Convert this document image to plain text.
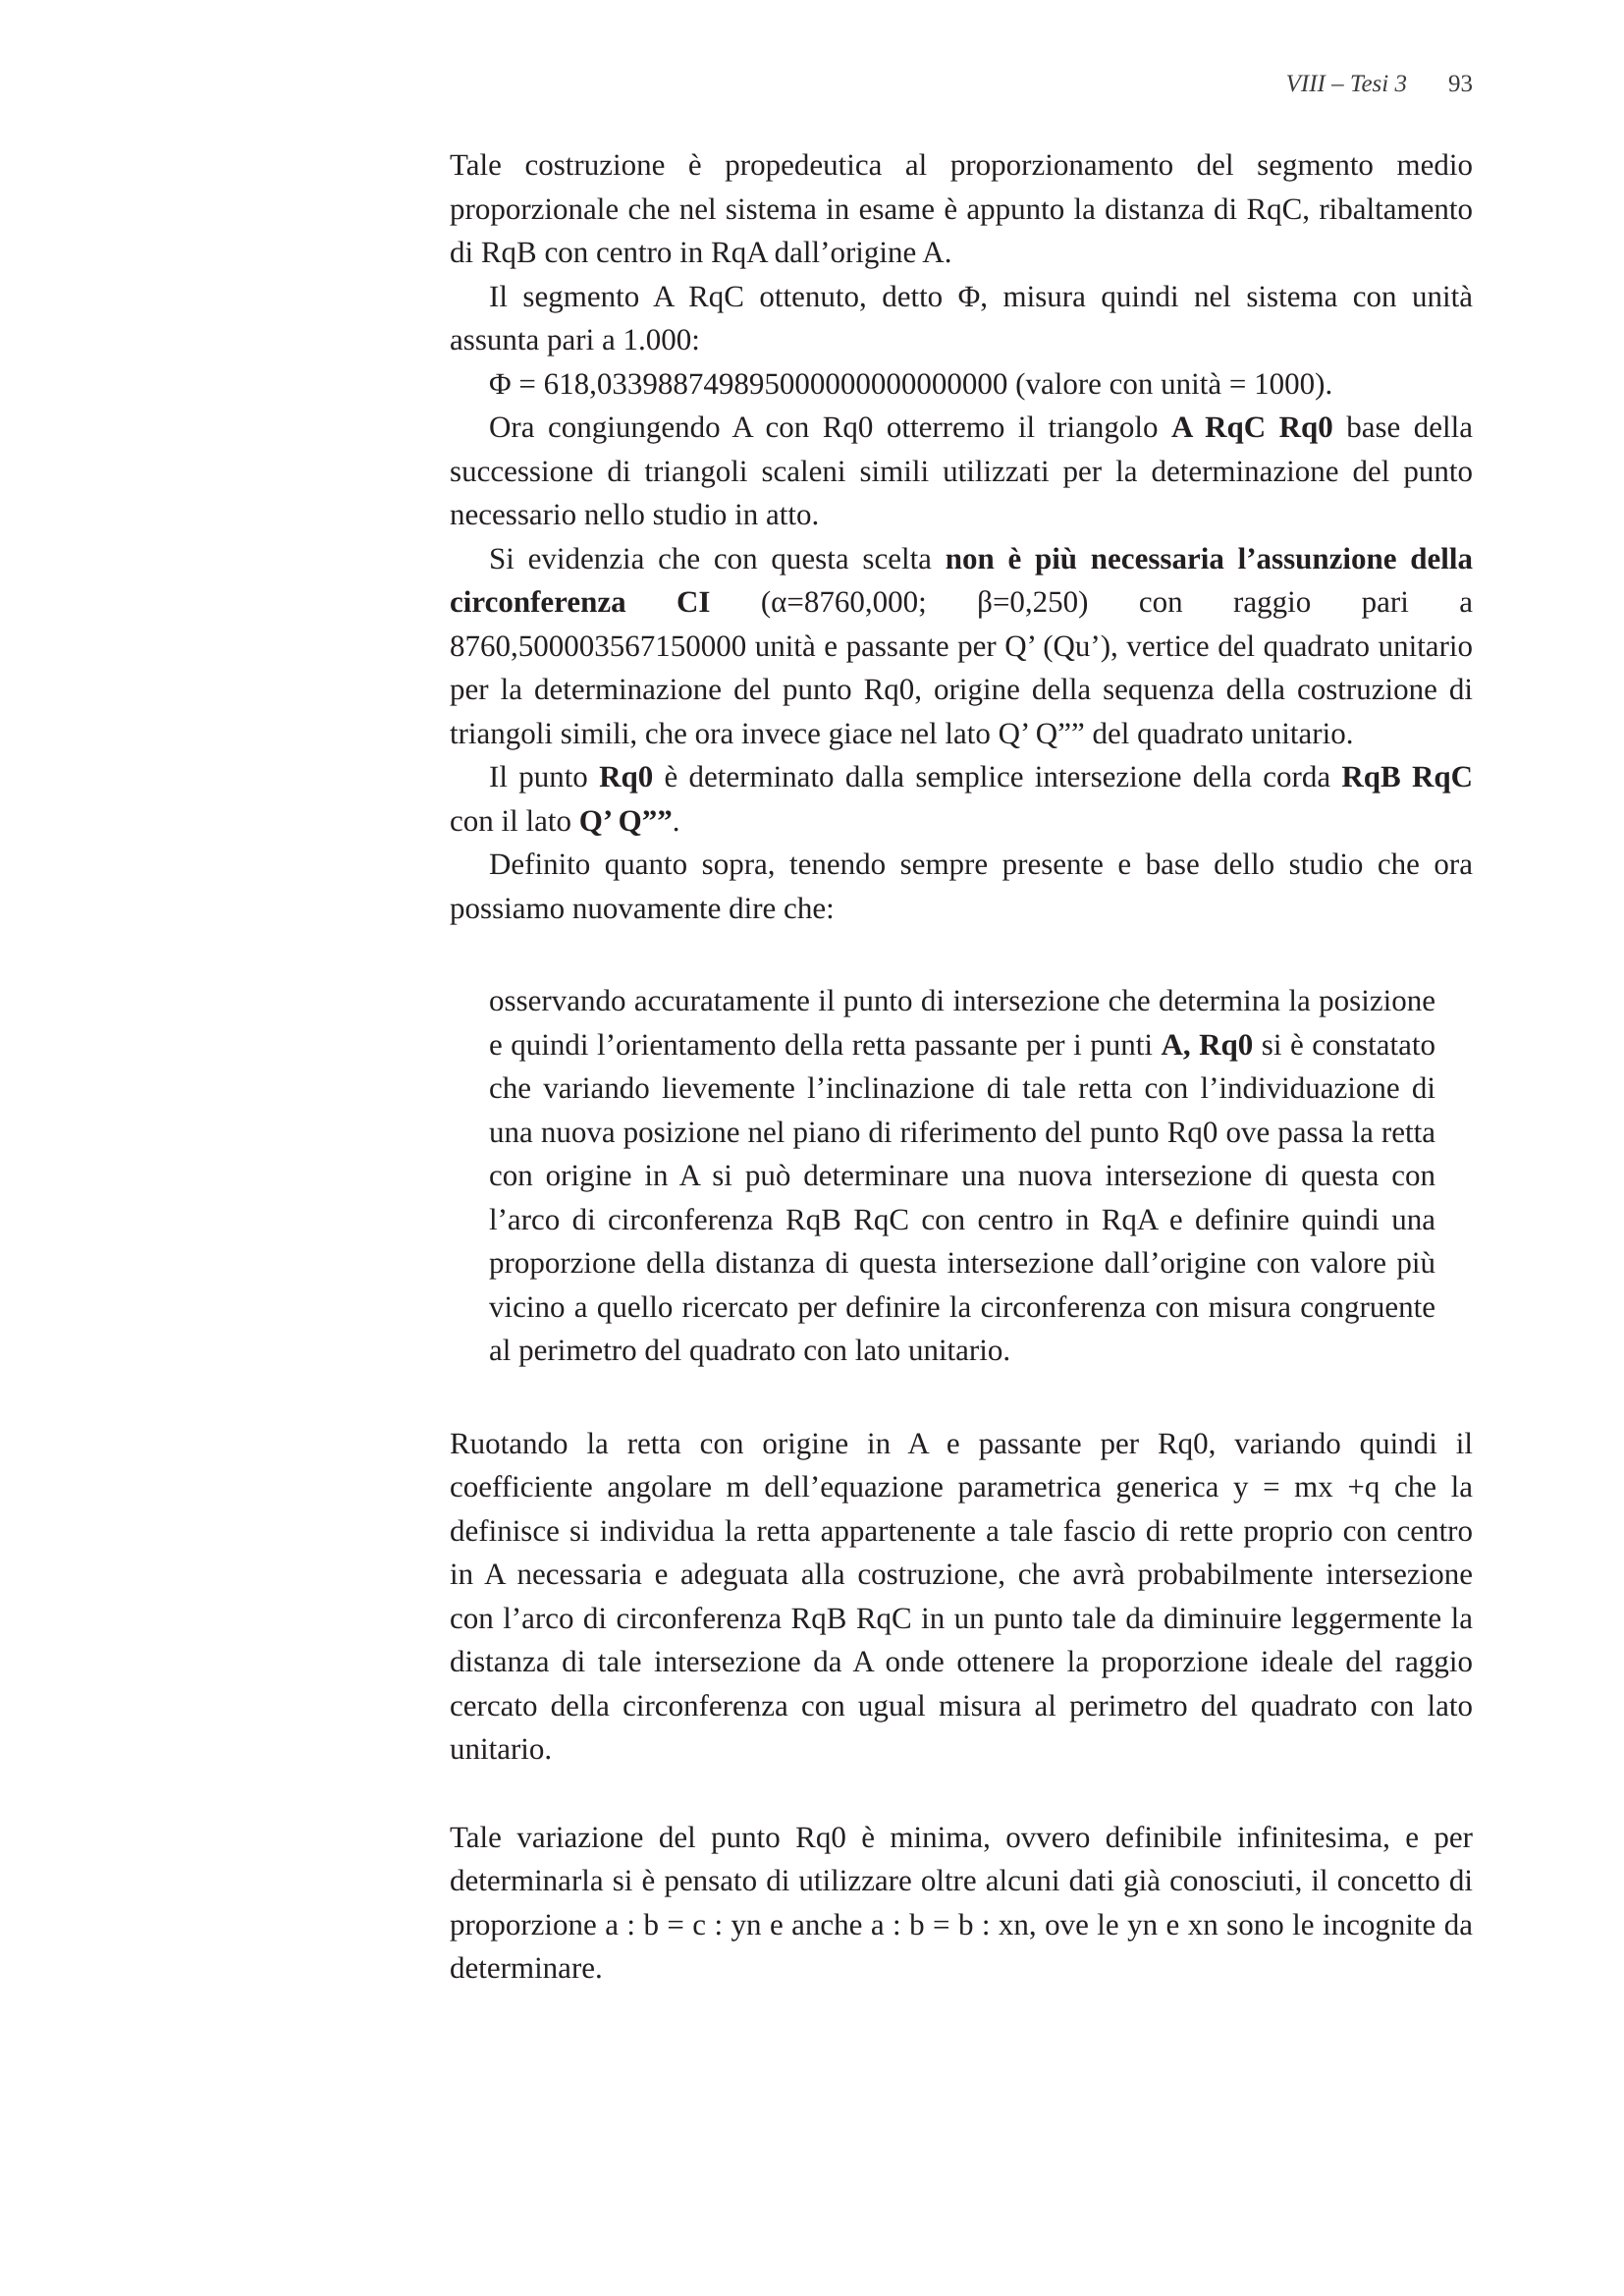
VIII – Tesi 3 93

Tale costruzione è propedeutica al proporzionamento del segmento medio proporzionale che nel sistema in esame è appunto la distanza di RqC, ribaltamento di RqB con centro in RqA dall’origine A.

Il segmento A RqC ottenuto, detto Φ, misura quindi nel sistema con unità assunta pari a 1.000:

Φ = 618,033988749895000000000000000 (valore con unità = 1000).

Ora congiungendo A con Rq0 otterremo il triangolo A RqC Rq0 base della successione di triangoli scaleni simili utilizzati per la determinazione del punto necessario nello studio in atto.

Si evidenzia che con questa scelta non è più necessaria l’assunzione della circonferenza CI (α=8760,000; β=0,250) con raggio pari a 8760,500003567150000 unità e passante per Q’ (Qu’), vertice del quadrato unitario per la determinazione del punto Rq0, origine della sequenza della costruzione di triangoli simili, che ora invece giace nel lato Q’ Q”” del quadrato unitario.

Il punto Rq0 è determinato dalla semplice intersezione della corda RqB RqC con il lato Q’ Q””.

Definito quanto sopra, tenendo sempre presente e base dello studio che ora possiamo nuovamente dire che:

osservando accuratamente il punto di intersezione che determina la posizione e quindi l’orientamento della retta passante per i punti A, Rq0 si è constatato che variando lievemente l’inclinazione di tale retta con l’individuazione di una nuova posizione nel piano di riferimento del punto Rq0 ove passa la retta con origine in A si può determinare una nuova intersezione di questa con l’arco di circonferenza RqB RqC con centro in RqA e definire quindi una proporzione della distanza di questa intersezione dall’origine con valore più vicino a quello ricercato per definire la circonferenza con misura congruente al perimetro del quadrato con lato unitario.

Ruotando la retta con origine in A e passante per Rq0, variando quindi il coefficiente angolare m dell’equazione parametrica generica y = mx +q che la definisce si individua la retta appartenente a tale fascio di rette proprio con centro in A necessaria e adeguata alla costruzione, che avrà probabilmente intersezione con l’arco di circonferenza RqB RqC in un punto tale da diminuire leggermente la distanza di tale intersezione da A onde ottenere la proporzione ideale del raggio cercato della circonferenza con ugual misura al perimetro del quadrato con lato unitario.

Tale variazione del punto Rq0 è minima, ovvero definibile infinitesima, e per determinarla si è pensato di utilizzare oltre alcuni dati già conosciuti, il concetto di proporzione a : b = c : yn e anche a : b = b : xn, ove le yn e xn sono le incognite da determinare.
